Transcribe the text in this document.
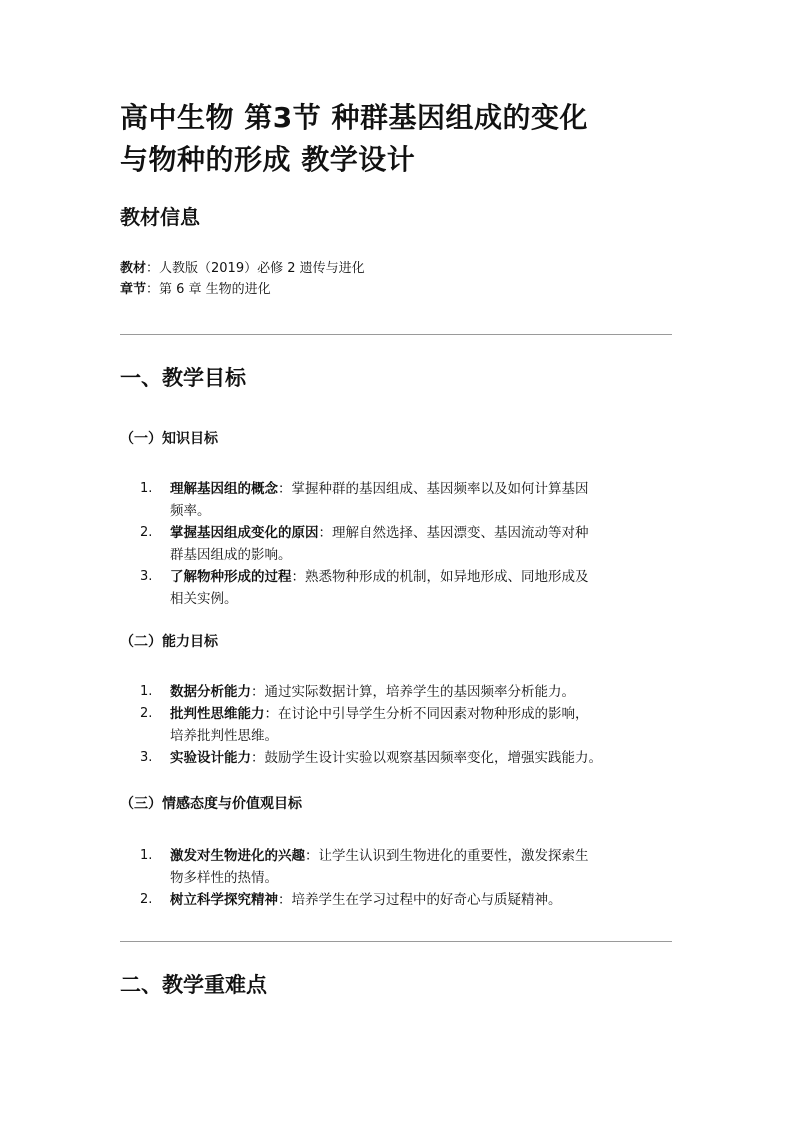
高中生物 第3节 种群基因组成的变化
与物种的形成 教学设计
教材信息
教材：人教版（2019）必修 2 遗传与进化
章节：第 6 章 生物的进化
一、教学目标
（一）知识目标
1. 理解基因组的概念：掌握种群的基因组成、基因频率以及如何计算基因
频率。
2. 掌握基因组成变化的原因：理解自然选择、基因漂变、基因流动等对种
群基因组成的影响。
3. 了解物种形成的过程：熟悉物种形成的机制，如异地形成、同地形成及
相关实例。
（二）能力目标
1. 数据分析能力：通过实际数据计算，培养学生的基因频率分析能力。
2. 批判性思维能力：在讨论中引导学生分析不同因素对物种形成的影响，
培养批判性思维。
3. 实验设计能力：鼓励学生设计实验以观察基因频率变化，增强实践能力。
（三）情感态度与价值观目标
1. 激发对生物进化的兴趣：让学生认识到生物进化的重要性，激发探索生
物多样性的热情。
2. 树立科学探究精神：培养学生在学习过程中的好奇心与质疑精神。
二、教学重难点
